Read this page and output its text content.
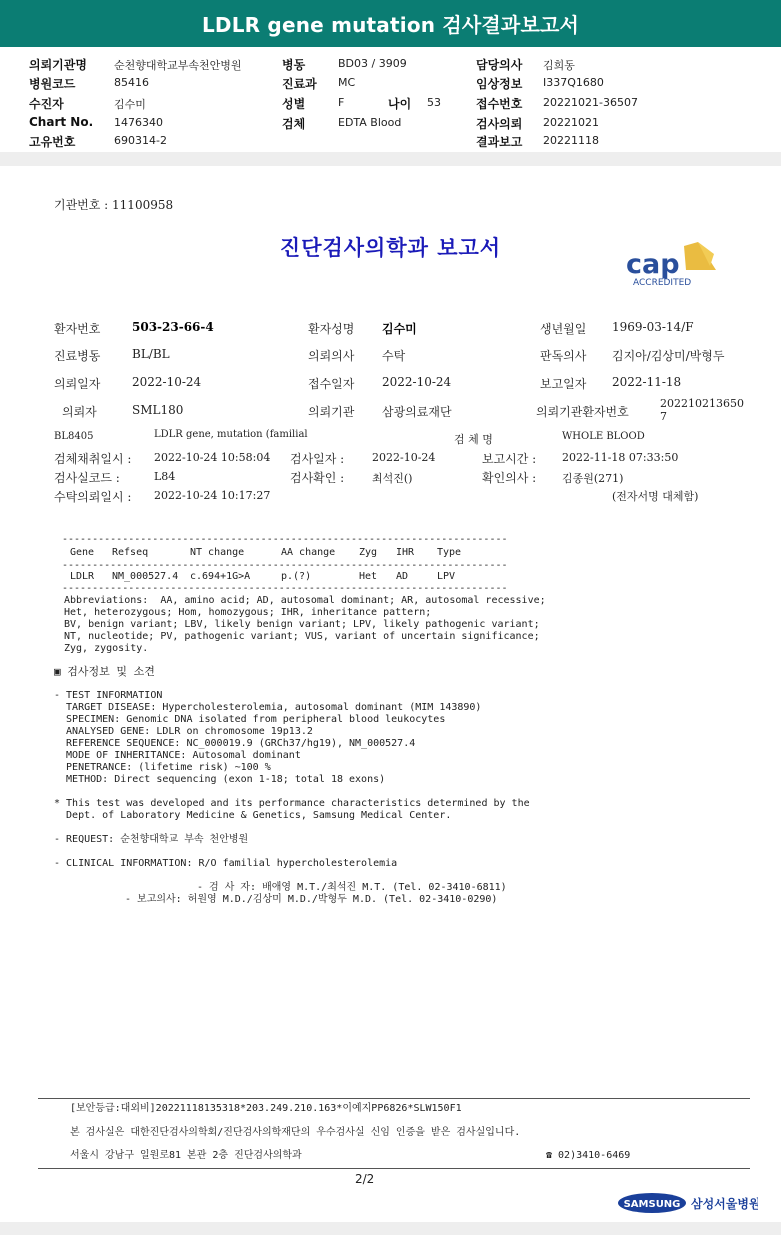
LDLR gene mutation 검사결과보고서
의뢰기관명 순천향대학교부속천안병원
병원코드	85416
수진자	김수미
Chart No. 1476340
고유번호	690314-2
병동	BD03 / 3909
진료과 MC
성별	F	나이 53
검체	EDTA Blood
담당의사 김희동
임상정보 I337Q1680
접수번호 20221021-36507
검사의뢰 20221021
결과보고 20221118
기관번호 : 11100958
진단검사의학과 보고서
cap
ACCREDITED
환자번호	503-23-66-4	환자성명 김수미	생년월일 1969-03-14/F
진료병동	BL/BL	의뢰의사 수탁	판독의사 김지아/김상미/박형두
의뢰일자	2022-10-24	접수일자 2022-10-24	보고일자 2022-11-18
의뢰자	SML180	의뢰기관 삼광의료재단	의뢰기관환자번호
202210213650
7
BL8405	LDLR gene, mutation (familial	검 체 명	WHOLE BLOOD
검체채취일시 : 2022-10-24 10:58:04 검사일자 :	2022-10-24	보고시간 : 2022-11-18 07:33:50
검사실코드 :	L84	검사확인 :	최석진()	확인의사 : 김종원(271)
수탁의뢰일시 : 2022-10-24 10:17:27	(전자서명 대체함)
--------------------------------------------------------------------------
Gene Refseq	NT change	AA change Zyg IHR Type
--------------------------------------------------------------------------
LDLR NM_000527.4 c.694+1G>A	p.(?)	Het AD	LPV
--------------------------------------------------------------------------
Abbreviations:  AA, amino acid; AD, autosomal dominant; AR, autosomal recessive;
Het, heterozygous; Hom, homozygous; IHR, inheritance pattern;
BV, benign variant; LBV, likely benign variant; LPV, likely pathogenic variant;
NT, nucleotide; PV, pathogenic variant; VUS, variant of uncertain significance;
Zyg, zygosity.
▣ 검사정보 및 소견
- TEST INFORMATION
TARGET DISEASE: Hypercholesterolemia, autosomal dominant (MIM 143890)
SPECIMEN: Genomic DNA isolated from peripheral blood leukocytes
ANALYSED GENE: LDLR on chromosome 19p13.2
REFERENCE SEQUENCE: NC_000019.9 (GRCh37/hg19), NM_000527.4
MODE OF INHERITANCE: Autosomal dominant
PENETRANCE: (lifetime risk) ~100 %
METHOD: Direct sequencing (exon 1-18; total 18 exons)
* This test was developed and its performance characteristics determined by the
Dept. of Laboratory Medicine & Genetics, Samsung Medical Center.
- REQUEST: 순천향대학교 부속 천안병원
- CLINICAL INFORMATION: R/O familial hypercholesterolemia
- 검 사 자: 배애영 M.T./최석진 M.T. (Tel. 02-3410-6811)
- 보고의사: 허원영 M.D./김상미 M.D./박형두 M.D. (Tel. 02-3410-0290)
[보안등급:대외비]20221118135318*203.249.210.163*이예지PP6826*SLW150F1
본 검사실은 대한진단검사의학회/진단검사의학재단의 우수검사실 신임 인증을 받은 검사실입니다.
서울시 강남구 일원로81 본관 2층 진단검사의학과	☎ 02)3410-6469
2/2
SAMSUNG 삼성서울병원
